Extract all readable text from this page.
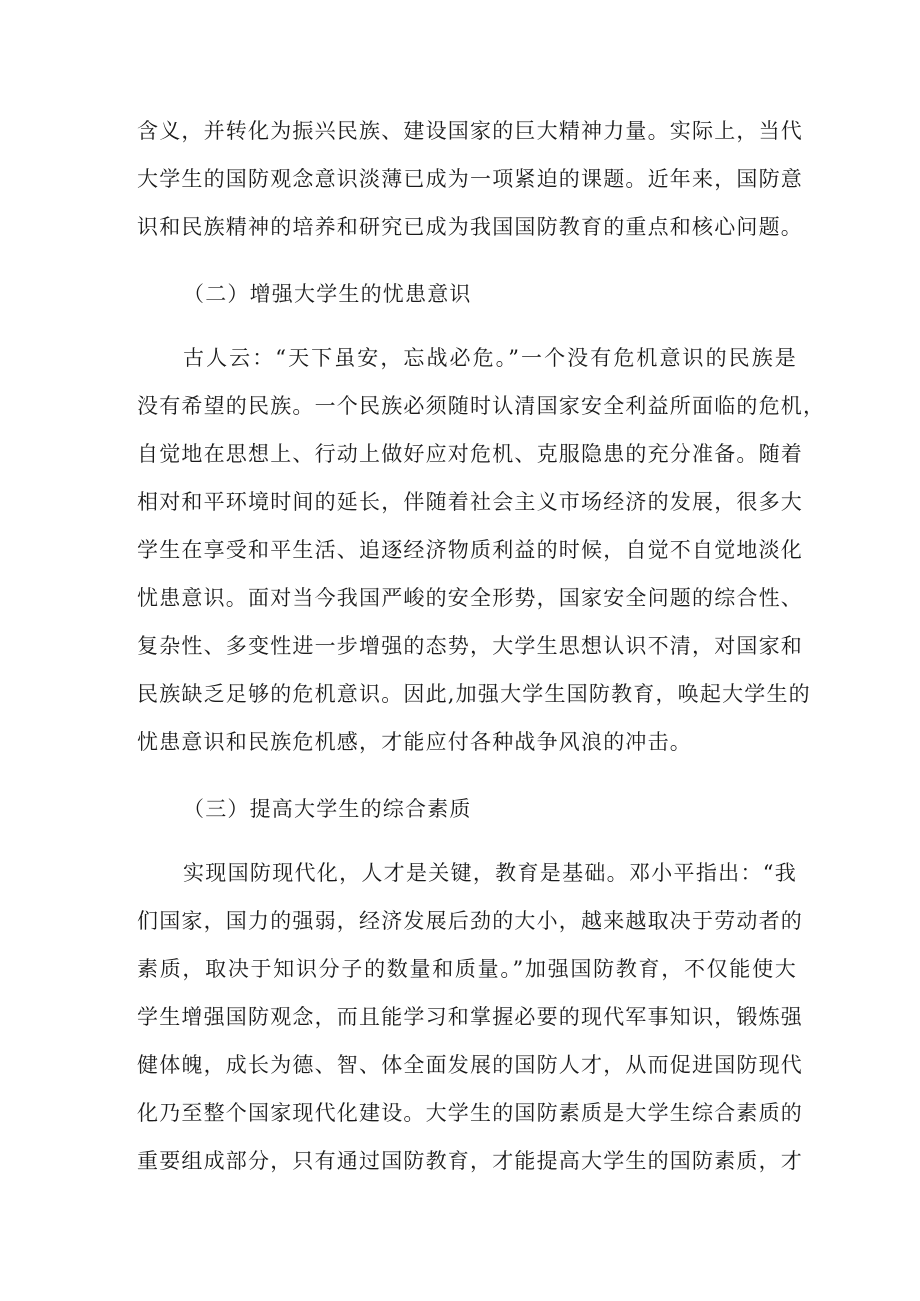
含义，并转化为振兴民族、建设国家的巨大精神力量。实际上，当代
大学生的国防观念意识淡薄已成为一项紧迫的课题。近年来，国防意
识和民族精神的培养和研究已成为我国国防教育的重点和核心问题。
（二）增强大学生的忧患意识
古人云：“天下虽安，忘战必危。”一个没有危机意识的民族是
没有希望的民族。一个民族必须随时认清国家安全利益所面临的危机，
自觉地在思想上、行动上做好应对危机、克服隐患的充分准备。随着
相对和平环境时间的延长，伴随着社会主义市场经济的发展，很多大
学生在享受和平生活、追逐经济物质利益的时候，自觉不自觉地淡化
忧患意识。面对当今我国严峻的安全形势，国家安全问题的综合性、
复杂性、多变性进一步增强的态势，大学生思想认识不清，对国家和
民族缺乏足够的危机意识。因此,加强大学生国防教育，唤起大学生的
忧患意识和民族危机感，才能应付各种战争风浪的冲击。
（三）提高大学生的综合素质
实现国防现代化，人才是关键，教育是基础。邓小平指出：“我
们国家，国力的强弱，经济发展后劲的大小，越来越取决于劳动者的
素质，取决于知识分子的数量和质量。”加强国防教育，不仅能使大
学生增强国防观念，而且能学习和掌握必要的现代军事知识，锻炼强
健体魄，成长为德、智、体全面发展的国防人才，从而促进国防现代
化乃至整个国家现代化建设。大学生的国防素质是大学生综合素质的
重要组成部分，只有通过国防教育，才能提高大学生的国防素质，才
